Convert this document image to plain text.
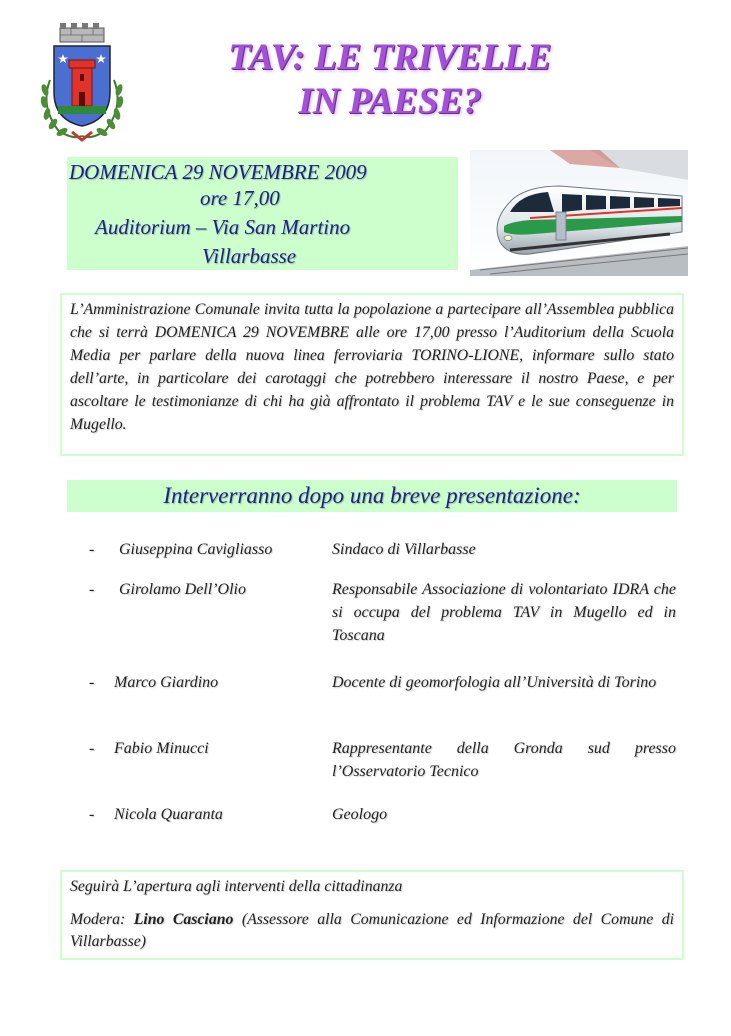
TAV: LE TRIVELLE
IN PAESE?
DOMENICA 29 NOVEMBRE 2009
ore 17,00
Auditorium – Via San Martino
Villarbasse
L’Amministrazione Comunale invita tutta la popolazione a partecipare all’Assemblea pubblica che si terrà DOMENICA 29 NOVEMBRE alle ore 17,00 presso l’Auditorium della Scuola Media per parlare della nuova linea ferroviaria TORINO-LIONE, informare sullo stato dell’arte, in particolare dei carotaggi che potrebbero interessare il nostro Paese, e per ascoltare le testimonianze di chi ha già affrontato il problema TAV e le sue conseguenze in Mugello.
Interverranno dopo una breve presentazione:
- Giuseppina Cavigliasso	Sindaco di Villarbasse
- Girolamo Dell’Olio	Responsabile Associazione di volontariato IDRA che si occupa del problema TAV in Mugello ed in Toscana
- Marco Giardino	Docente di geomorfologia all’Università di Torino
- Fabio Minucci	Rappresentante della Gronda sud presso l’Osservatorio Tecnico
- Nicola Quaranta	Geologo

Seguirà L’apertura agli interventi della cittadinanza

Modera: Lino Casciano (Assessore alla Comunicazione ed Informazione del Comune di Villarbasse)
